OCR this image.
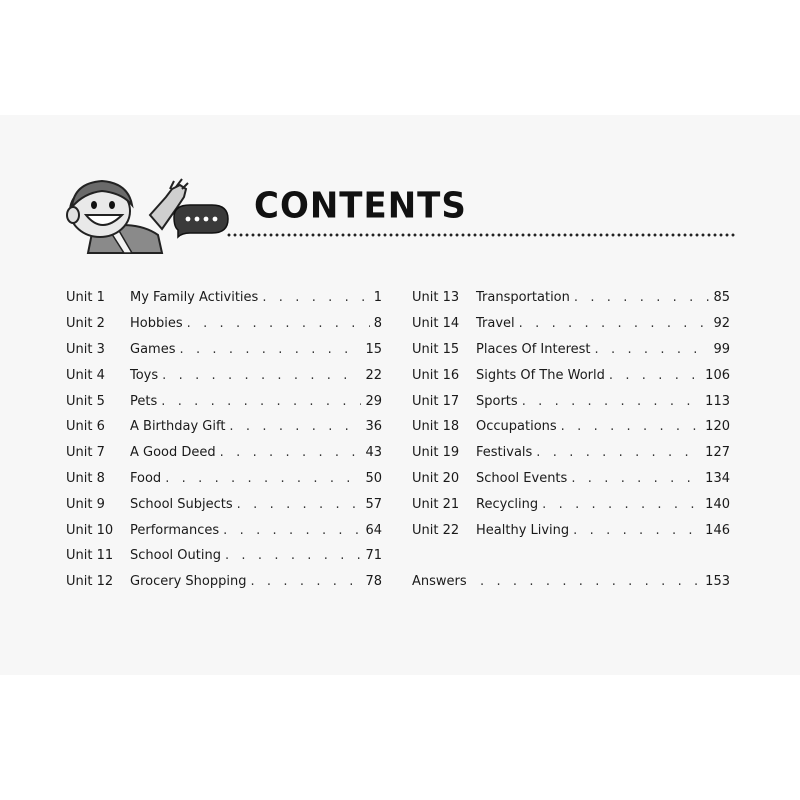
CONTENTS
Unit 1	My Family Activities . . .	1
Unit 2	Hobbies . . .	8
Unit 3	Games . . .	15
Unit 4	Toys . . .	22
Unit 5	Pets . . .	29
Unit 6	A Birthday Gift . . .	36
Unit 7	A Good Deed . . .	43
Unit 8	Food . . .	50
Unit 9	School Subjects . . .	57
Unit 10	Performances . . .	64
Unit 11	School Outing . . .	71
Unit 12	Grocery Shopping . . .	78
Unit 13	Transportation . . .	85
Unit 14	Travel . . .	92
Unit 15	Places Of Interest . . .	99
Unit 16	Sights Of The World . . .	106
Unit 17	Sports . . .	113
Unit 18	Occupations . . .	120
Unit 19	Festivals . . .	127
Unit 20	School Events . . .	134
Unit 21	Recycling . . .	140
Unit 22	Healthy Living . . .	146
Answers . . .	153
